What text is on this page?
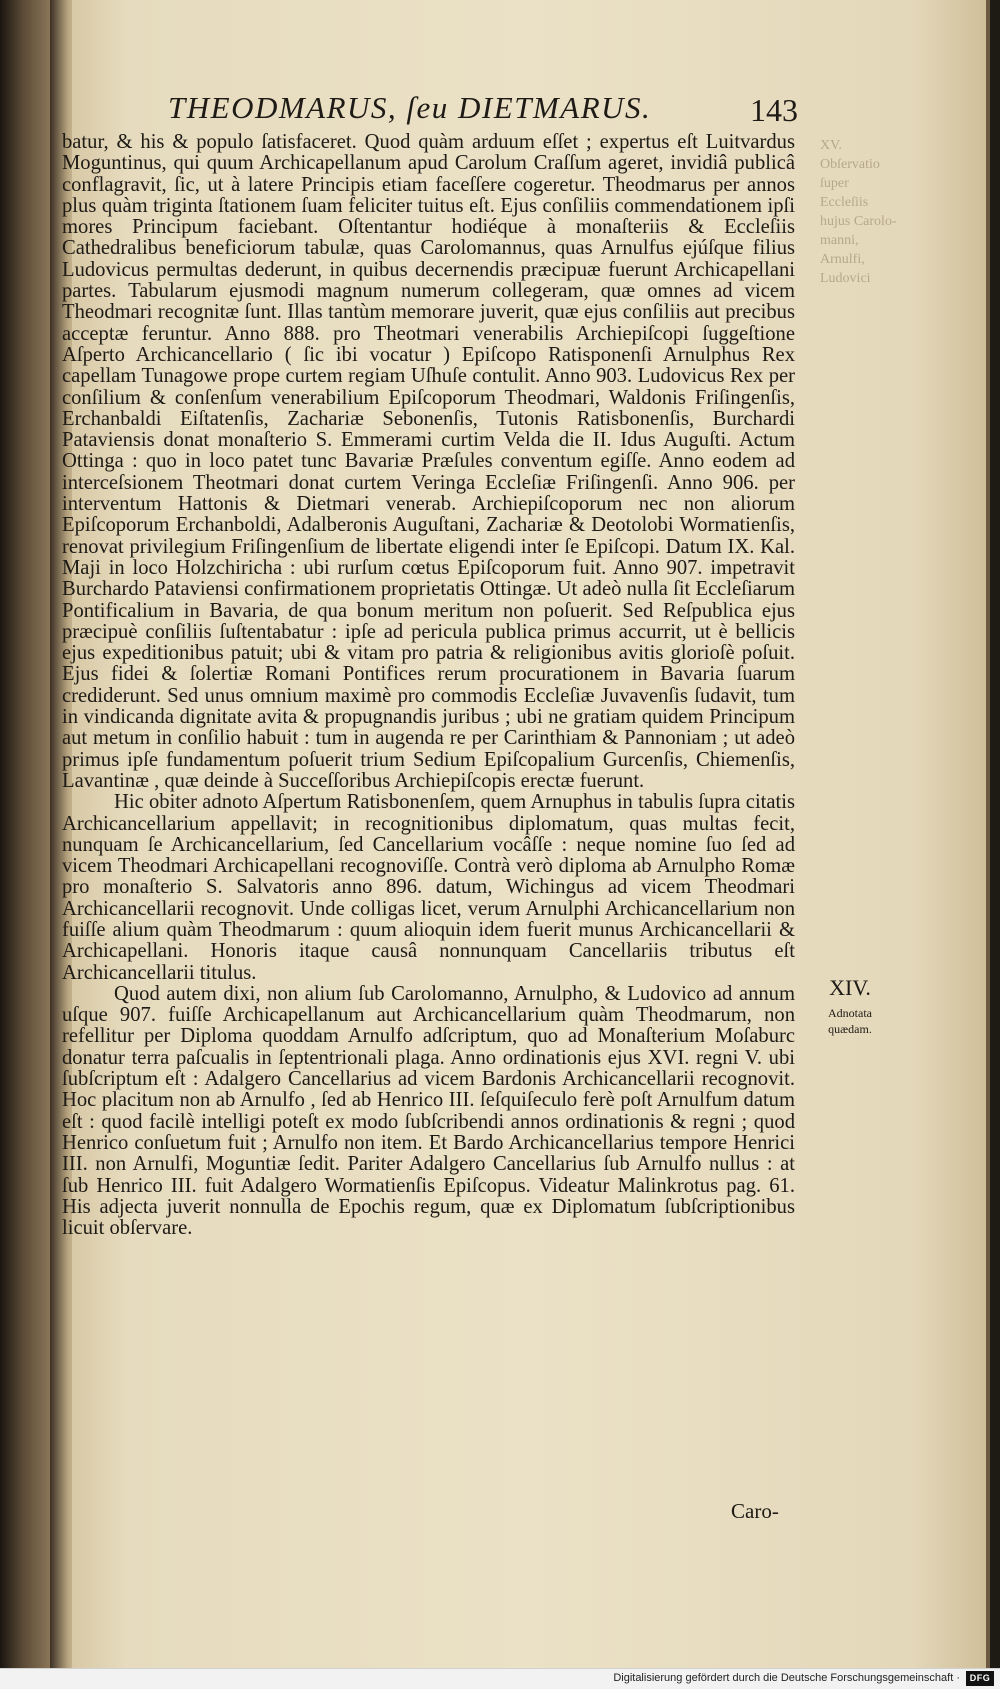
THEODMARUS, ſeu DIETMARUS.	143
XV. Obſervatio ſuper Eccleſiis hujus Carolo- manni, Arnulfi, Ludovici

batur, & his & populo ſatisfaceret. Quod quàm arduum eſſet ; expertus eſt Luitvardus Moguntinus, qui quum Archicapellanum apud Carolum Craſſum ageret, invidiâ publicâ conflagravit, ſic, ut à latere Principis etiam faceſſere cogeretur. Theodmarus per annos plus quàm triginta ſtationem ſuam feliciter tuitus eſt. Ejus conſiliis commendationem ipſi mores Principum faciebant. Oſtentantur hodiéque à monaſteriis & Eccleſiis Cathedralibus beneficiorum tabulæ, quas Carolomannus, quas Arnulfus ejúſque filius Ludovicus permultas dederunt, in quibus decernendis præcipuæ fuerunt Archicapellani partes. Tabularum ejusmodi magnum numerum collegeram, quæ omnes ad vicem Theodmari recognitæ ſunt. Illas tantùm memorare juverit, quæ ejus conſiliis aut precibus acceptæ feruntur. Anno 888. pro Theotmari venerabilis Archiepiſcopi ſuggeſtione Aſperto Archicancellario ( ſic ibi vocatur ) Epiſcopo Ratisponenſi Arnulphus Rex capellam Tunagowe prope curtem regiam Uſhuſe contulit. Anno 903. Ludovicus Rex per conſilium & conſenſum venerabilium Epiſcoporum Theodmari, Waldonis Friſingenſis, Erchanbaldi Eiſtatenſis, Zachariæ Sebonenſis, Tutonis Ratisbonenſis, Burchardi Pataviensis donat monaſterio S. Emmerami curtim Velda die II. Idus Auguſti. Actum Ottinga : quo in loco patet tunc Bavariæ Præſules conventum egiſſe. Anno eodem ad interceſsionem Theotmari donat curtem Veringa Eccleſiæ Friſingenſi. Anno 906. per interventum Hattonis & Dietmari venerab. Archiepiſcoporum nec non aliorum Epiſcoporum Erchanboldi, Adalberonis Auguſtani, Zachariæ & Deotolobi Wormatienſis, renovat privilegium Friſingenſium de libertate eligendi inter ſe Epiſcopi. Datum IX. Kal. Maji in loco Holzchiricha : ubi rurſum cœtus Epiſcoporum fuit. Anno 907. impetravit Burchardo Pataviensi confirmationem proprietatis Ottingæ. Ut adeò nulla ſit Eccleſiarum Pontificalium in Bavaria, de qua bonum meritum non poſuerit. Sed Reſpublica ejus præcipuè conſiliis ſuſtentabatur : ipſe ad pericula publica primus accurrit, ut è bellicis ejus expeditionibus patuit; ubi & vitam pro patria & religionibus avitis glorioſè poſuit. Ejus fidei & ſolertiæ Romani Pontifices rerum procurationem in Bavaria ſuarum crediderunt. Sed unus omnium maximè pro commodis Eccleſiæ Juvavenſis ſudavit, tum in vindicanda dignitate avita & propugnandis juribus ; ubi ne gratiam quidem Principum aut metum in conſilio habuit : tum in augenda re per Carinthiam & Pannoniam ; ut adeò primus ipſe fundamentum poſuerit trium Sedium Epiſcopalium Gurcenſis, Chiemenſis, Lavantinæ , quæ deinde à Succeſſoribus Archiepiſcopis erectæ fuerunt.

Hic obiter adnoto Aſpertum Ratisbonenſem, quem Arnuphus in tabulis ſupra citatis Archicancellarium appellavit; in recognitionibus diplomatum, quas multas fecit, nunquam ſe Archicancellarium, ſed Cancellarium vocâſſe : neque nomine ſuo ſed ad vicem Theodmari Archicapellani recognoviſſe. Contrà verò diploma ab Arnulpho Romæ pro monaſterio S. Salvatoris anno 896. datum, Wichingus ad vicem Theodmari Archicancellarii recognovit. Unde colligas licet, verum Arnulphi Archicancellarium non fuiſſe alium quàm Theodmarum : quum alioquin idem fuerit munus Archicancellarii & Archicapellani. Honoris itaque causâ nonnunquam Cancellariis tributus eſt Archicancellarii titulus.

Quod autem dixi, non alium ſub Carolomanno, Arnulpho, & Ludovico ad annum uſque 907. fuiſſe Archicapellanum aut Archicancellarium quàm Theodmarum, non refellitur per Diploma quoddam Arnulfo adſcriptum, quo ad Monaſterium Moſaburc donatur terra paſcualis in ſeptentrionali plaga. Anno ordinationis ejus XVI. regni V. ubi ſubſcriptum eſt : Adalgero Cancellarius ad vicem Bardonis Archicancellarii recognovit. Hoc placitum non ab Arnulfo , ſed ab Henrico III. ſeſquiſeculo ferè poſt Arnulfum datum eſt : quod facilè intelligi poteſt ex modo ſubſcribendi annos ordinationis & regni ; quod Henrico conſuetum fuit ; Arnulfo non item. Et Bardo Archicancellarius tempore Henrici III. non Arnulfi, Moguntiæ ſedit. Pariter Adalgero Cancellarius ſub Arnulfo nullus : at ſub Henrico III. fuit Adalgero Wormatienſis Epiſcopus. Videatur Malinkrotus pag. 61. His adjecta juverit nonnulla de Epochis regum, quæ ex Diplomatum ſubſcriptionibus licuit obſervare.

XIV.
Adnotata quædam.
Caro-
Digitalisierung gefördert durch die Deutsche Forschungsgemeinschaft ·	DFG
